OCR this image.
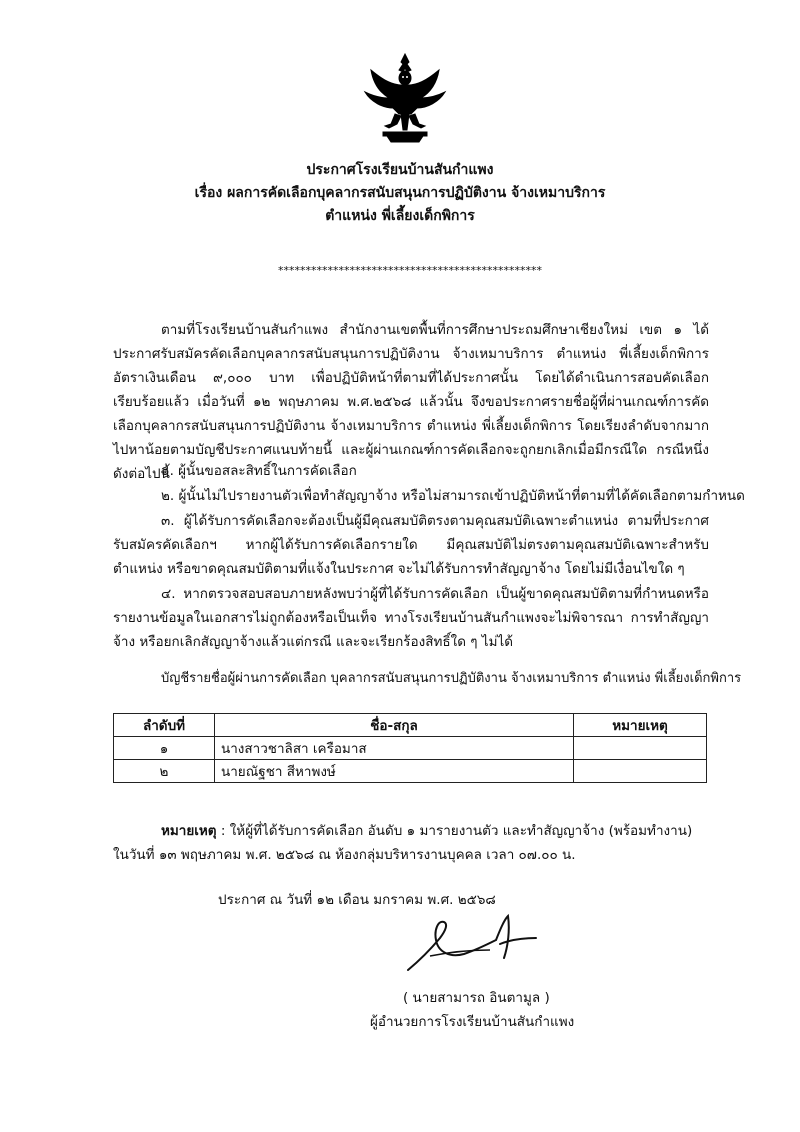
ประกาศโรงเรียนบ้านสันกำแพง
เรื่อง ผลการคัดเลือกบุคลากรสนับสนุนการปฏิบัติงาน จ้างเหมาบริการ
ตำแหน่ง พี่เลี้ยงเด็กพิการ
************************************************
ตามที่โรงเรียนบ้านสันกำแพง สำนักงานเขตพื้นที่การศึกษาประถมศึกษาเชียงใหม่ เขต ๑ ได้ประกาศรับสมัครคัดเลือกบุคลากรสนับสนุนการปฏิบัติงาน จ้างเหมาบริการ ตำแหน่ง พี่เลี้ยงเด็กพิการ อัตราเงินเดือน ๙,๐๐๐ บาท เพื่อปฏิบัติหน้าที่ตามที่ได้ประกาศนั้น โดยได้ดำเนินการสอบคัดเลือก เรียบร้อยแล้ว เมื่อวันที่ ๑๒ พฤษภาคม พ.ศ.๒๕๖๘ แล้วนั้น จึงขอประกาศรายชื่อผู้ที่ผ่านเกณฑ์การคัดเลือกบุคลากรสนับสนุนการปฏิบัติงาน จ้างเหมาบริการ ตำแหน่ง พี่เลี้ยงเด็กพิการ โดยเรียงลำดับจากมากไปหาน้อยตามบัญชีประกาศแนบท้ายนี้ และผู้ผ่านเกณฑ์การคัดเลือกจะถูกยกเลิกเมื่อมีกรณีใด กรณีหนึ่ง ดังต่อไปนี้
๑. ผู้นั้นขอสละสิทธิ์ในการคัดเลือก
๒. ผู้นั้นไม่ไปรายงานตัวเพื่อทำสัญญาจ้าง หรือไม่สามารถเข้าปฏิบัติหน้าที่ตามที่ได้คัดเลือกตามกำหนด
๓. ผู้ได้รับการคัดเลือกจะต้องเป็นผู้มีคุณสมบัติตรงตามคุณสมบัติเฉพาะตำแหน่ง ตามที่ประกาศรับสมัครคัดเลือกฯ หากผู้ได้รับการคัดเลือกรายใด มีคุณสมบัติไม่ตรงตามคุณสมบัติเฉพาะสำหรับตำแหน่ง หรือขาดคุณสมบัติตามที่แจ้งในประกาศ จะไม่ได้รับการทำสัญญาจ้าง โดยไม่มีเงื่อนไขใด ๆ
๔. หากตรวจสอบสอบภายหลังพบว่าผู้ที่ได้รับการคัดเลือก เป็นผู้ขาดคุณสมบัติตามที่กำหนดหรือรายงานข้อมูลในเอกสารไม่ถูกต้องหรือเป็นเท็จ ทางโรงเรียนบ้านสันกำแพงจะไม่พิจารณา การทำสัญญาจ้าง หรือยกเลิกสัญญาจ้างแล้วแต่กรณี และจะเรียกร้องสิทธิ์ใด ๆ ไม่ได้
บัญชีรายชื่อผู้ผ่านการคัดเลือก บุคลากรสนับสนุนการปฏิบัติงาน จ้างเหมาบริการ ตำแหน่ง พี่เลี้ยงเด็กพิการ
ลำดับที่	ชื่อ-สกุล	หมายเหตุ
๑	นางสาวชาลิสา เครือมาส	
๒	นายณัฐชา สีหาพงษ์	
หมายเหตุ : ให้ผู้ที่ได้รับการคัดเลือก อันดับ ๑ มารายงานตัว และทำสัญญาจ้าง (พร้อมทำงาน)
ในวันที่ ๑๓ พฤษภาคม พ.ศ. ๒๕๖๘ ณ ห้องกลุ่มบริหารงานบุคคล เวลา ๐๗.๐๐ น.
ประกาศ ณ วันที่ ๑๒ เดือน มกราคม พ.ศ. ๒๕๖๘
( นายสามารถ อินตามูล )
ผู้อำนวยการโรงเรียนบ้านสันกำแพง
